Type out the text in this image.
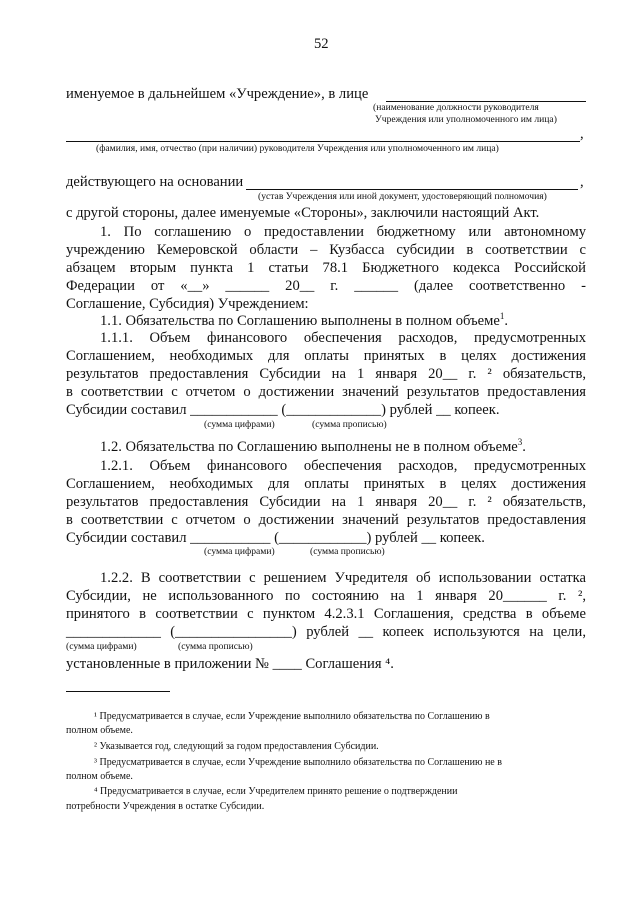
52
именуемое в дальнейшем «Учреждение», в лице
(наименование должности руководителя
Учреждения или уполномоченного им лица)
,
(фамилия, имя, отчество (при наличии) руководителя Учреждения или уполномоченного им лица)
действующего на основании	,
(устав Учреждения или иной документ, удостоверяющий полномочия)
с другой стороны, далее именуемые «Стороны», заключили настоящий Акт.
1. По соглашению о предоставлении бюджетному или автономному
учреждению Кемеровской области – Кузбасса субсидии в соответствии с
абзацем вторым пункта 1 статьи 78.1 Бюджетного кодекса Российской
Федерации от «__» ______ 20__ г. ______ (далее соответственно -
Соглашение, Субсидия) Учреждением:
1.1. Обязательства по Соглашению выполнены в полном объеме$^1$.
1.1.1. Объем финансового обеспечения расходов, предусмотренных
Соглашением, необходимых для оплаты принятых в целях достижения
результатов предоставления Субсидии на 1 января 20__ г. ² обязательств,
в соответствии с отчетом о достижении значений результатов предоставления
Субсидии составил ____________ (_____________) рублей __ копеек.
(сумма цифрами)	(сумма прописью)
1.2. Обязательства по Соглашению выполнены не в полном объеме$^3$.
1.2.1. Объем финансового обеспечения расходов, предусмотренных
Соглашением, необходимых для оплаты принятых в целях достижения
результатов предоставления Субсидии на 1 января 20__ г. ² обязательств,
в соответствии с отчетом о достижении значений результатов предоставления
Субсидии составил ___________ (____________) рублей __ копеек.
(сумма цифрами)	(сумма прописью)
1.2.2. В соответствии с решением Учредителя об использовании остатка
Субсидии, не использованного по состоянию на 1 января 20______ г. ²,
принятого в соответствии с пунктом 4.2.3.1 Соглашения, средства в объеме
_____________ (________________) рублей __ копеек используются на цели,
(сумма цифрами)	(сумма прописью)
установленные в приложении № ____ Соглашения ⁴.
¹ Предусматривается в случае, если Учреждение выполнило обязательства по Соглашению в
полном объеме.
² Указывается год, следующий за годом предоставления Субсидии.
³ Предусматривается в случае, если Учреждение выполнило обязательства по Соглашению не в
полном объеме.
⁴ Предусматривается в случае, если Учредителем принято решение о подтверждении
потребности Учреждения в остатке Субсидии.
